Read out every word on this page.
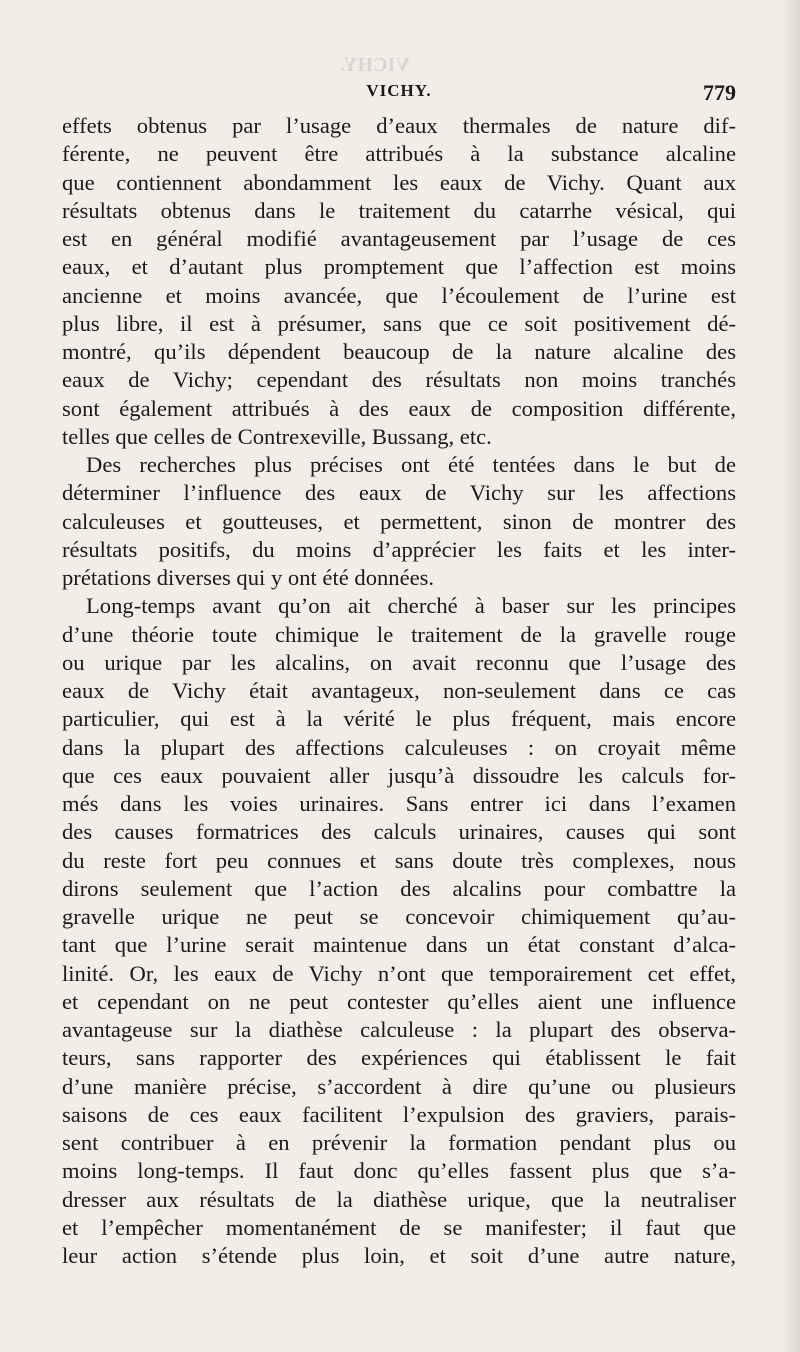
VICHY.
VICHY.	779
effets obtenus par l’usage d’eaux thermales de nature dif-
férente, ne peuvent être attribués à la substance alcaline
que contiennent abondamment les eaux de Vichy. Quant aux
résultats obtenus dans le traitement du catarrhe vésical, qui
est en général modifié avantageusement par l’usage de ces
eaux, et d’autant plus promptement que l’affection est moins
ancienne et moins avancée, que l’écoulement de l’urine est
plus libre, il est à présumer, sans que ce soit positivement dé-
montré, qu’ils dépendent beaucoup de la nature alcaline des
eaux de Vichy; cependant des résultats non moins tranchés
sont également attribués à des eaux de composition différente,
telles que celles de Contrexeville, Bussang, etc.
Des recherches plus précises ont été tentées dans le but de
déterminer l’influence des eaux de Vichy sur les affections
calculeuses et goutteuses, et permettent, sinon de montrer des
résultats positifs, du moins d’apprécier les faits et les inter-
prétations diverses qui y ont été données.
Long-temps avant qu’on ait cherché à baser sur les principes
d’une théorie toute chimique le traitement de la gravelle rouge
ou urique par les alcalins, on avait reconnu que l’usage des
eaux de Vichy était avantageux, non-seulement dans ce cas
particulier, qui est à la vérité le plus fréquent, mais encore
dans la plupart des affections calculeuses : on croyait même
que ces eaux pouvaient aller jusqu’à dissoudre les calculs for-
més dans les voies urinaires. Sans entrer ici dans l’examen
des causes formatrices des calculs urinaires, causes qui sont
du reste fort peu connues et sans doute très complexes, nous
dirons seulement que l’action des alcalins pour combattre la
gravelle urique ne peut se concevoir chimiquement qu’au-
tant que l’urine serait maintenue dans un état constant d’alca-
linité. Or, les eaux de Vichy n’ont que temporairement cet effet,
et cependant on ne peut contester qu’elles aient une influence
avantageuse sur la diathèse calculeuse : la plupart des observa-
teurs, sans rapporter des expériences qui établissent le fait
d’une manière précise, s’accordent à dire qu’une ou plusieurs
saisons de ces eaux facilitent l’expulsion des graviers, parais-
sent contribuer à en prévenir la formation pendant plus ou
moins long-temps. Il faut donc qu’elles fassent plus que s’a-
dresser aux résultats de la diathèse urique, que la neutraliser
et l’empêcher momentanément de se manifester; il faut que
leur action s’étende plus loin, et soit d’une autre nature,
